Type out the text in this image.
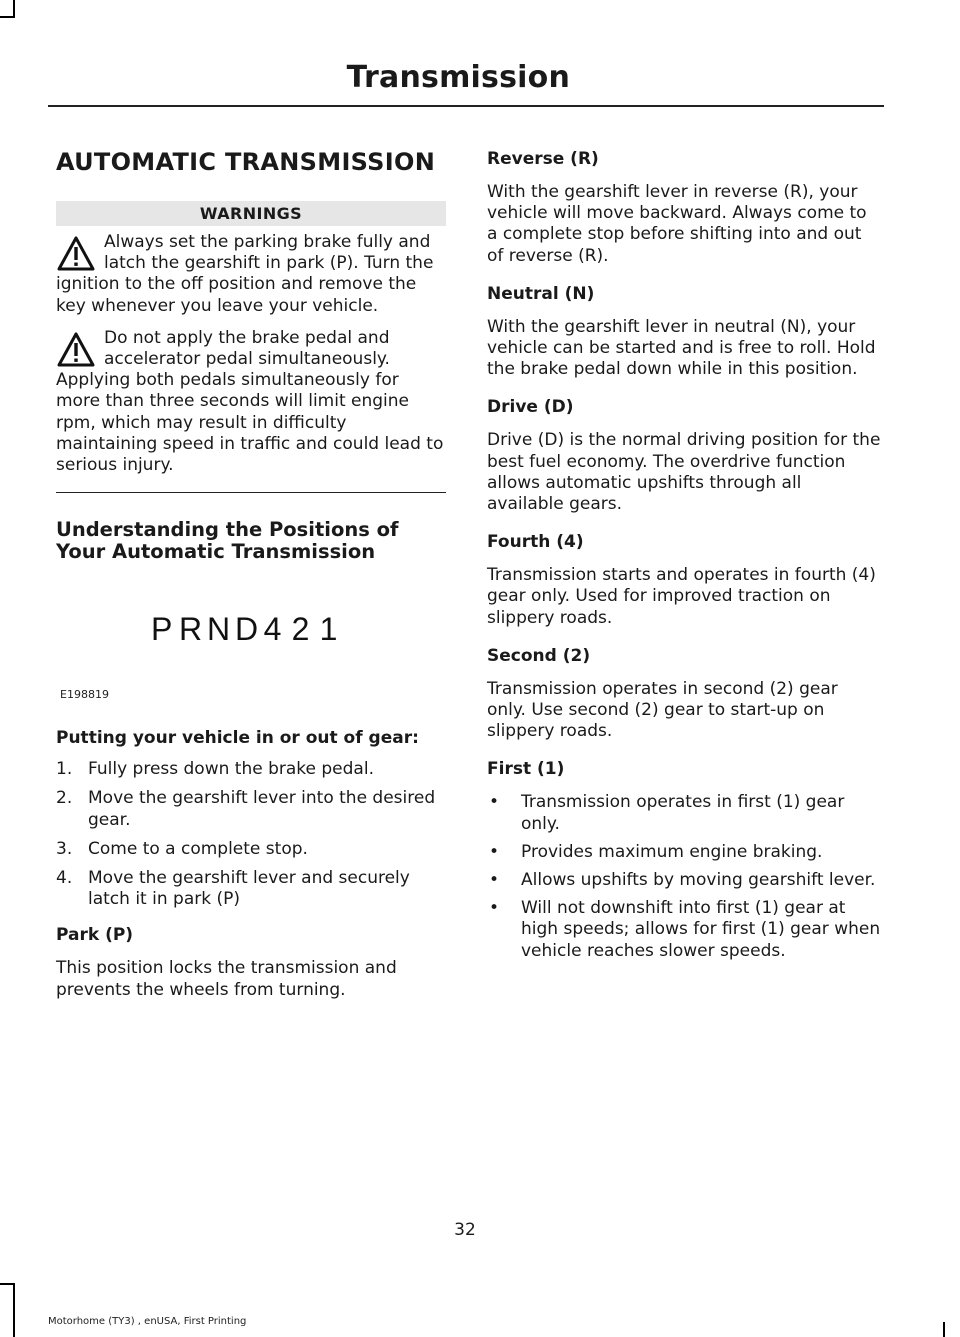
Transmission
AUTOMATIC TRANSMISSION
WARNINGS

Always set the parking brake fully and latch the gearshift in park (P). Turn the ignition to the off position and remove the key whenever you leave your vehicle.

Do not apply the brake pedal and accelerator pedal simultaneously. Applying both pedals simultaneously for more than three seconds will limit engine rpm, which may result in difficulty maintaining speed in traffic and could lead to serious injury.

Understanding the Positions of Your Automatic Transmission
PRND421
E198819

Putting your vehicle in or out of gear:

1. Fully press down the brake pedal.
2. Move the gearshift lever into the desired gear.
3. Come to a complete stop.
4. Move the gearshift lever and securely latch it in park (P)

Park (P)

This position locks the transmission and prevents the wheels from turning.

Reverse (R)

With the gearshift lever in reverse (R), your vehicle will move backward. Always come to a complete stop before shifting into and out of reverse (R).

Neutral (N)

With the gearshift lever in neutral (N), your vehicle can be started and is free to roll. Hold the brake pedal down while in this position.

Drive (D)

Drive (D) is the normal driving position for the best fuel economy. The overdrive function allows automatic upshifts through all available gears.

Fourth (4)

Transmission starts and operates in fourth (4) gear only. Used for improved traction on slippery roads.

Second (2)

Transmission operates in second (2) gear only. Use second (2) gear to start-up on slippery roads.

First (1)

• Transmission operates in first (1) gear only.
• Provides maximum engine braking.
• Allows upshifts by moving gearshift lever.
• Will not downshift into first (1) gear at high speeds; allows for first (1) gear when vehicle reaches slower speeds.
32
Motorhome (TY3) , enUSA, First Printing
